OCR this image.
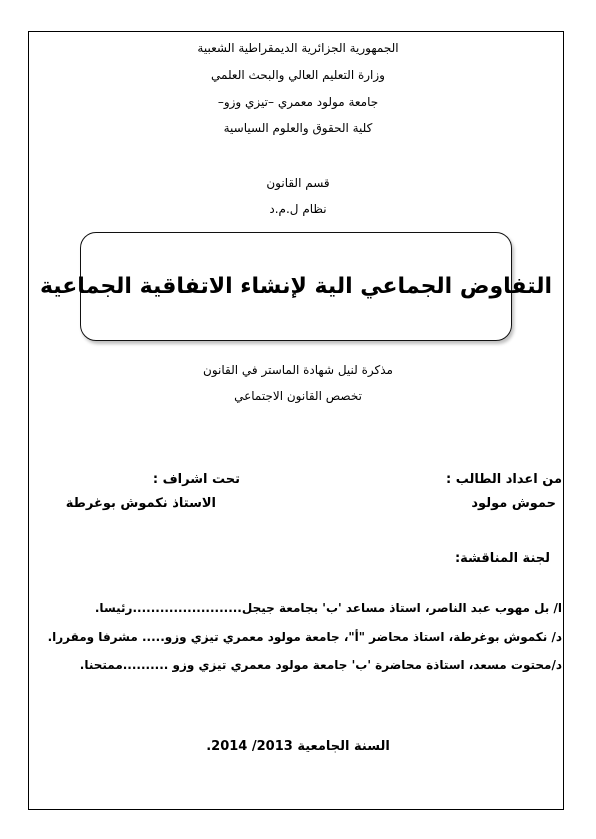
الجمهورية الجزائرية الديمقراطية الشعبية
وزارة التعليم العالي والبحث العلمي
جامعة مولود معمري –تيزي وزو–
كلية الحقوق والعلوم السياسية
قسم القانون
نظام ل.م.د
التفاوض الجماعي الية لإنشاء الاتفاقية الجماعية
مذكرة لنيل شهادة الماستر في القانون
تخصص القانون الاجتماعي
من اعداد الطالب :
تحت اشراف :
حموش مولود
الاستاذ نكموش بوغرطة
لجنة المناقشة:
ا/ بل مهوب عبد الناصر، استاذ مساعد 'ب' بجامعة جيجل........................رئيسا.
د/ نكموش بوغرطة، استاذ محاضر "أ"، جامعة مولود معمري تيزي وزو..... مشرفا ومقررا.
د/محتوت مسعد، استاذة محاضرة 'ب' جامعة مولود معمري تيزي وزو ..........ممتحنا.
السنة الجامعية 2013/ 2014.
